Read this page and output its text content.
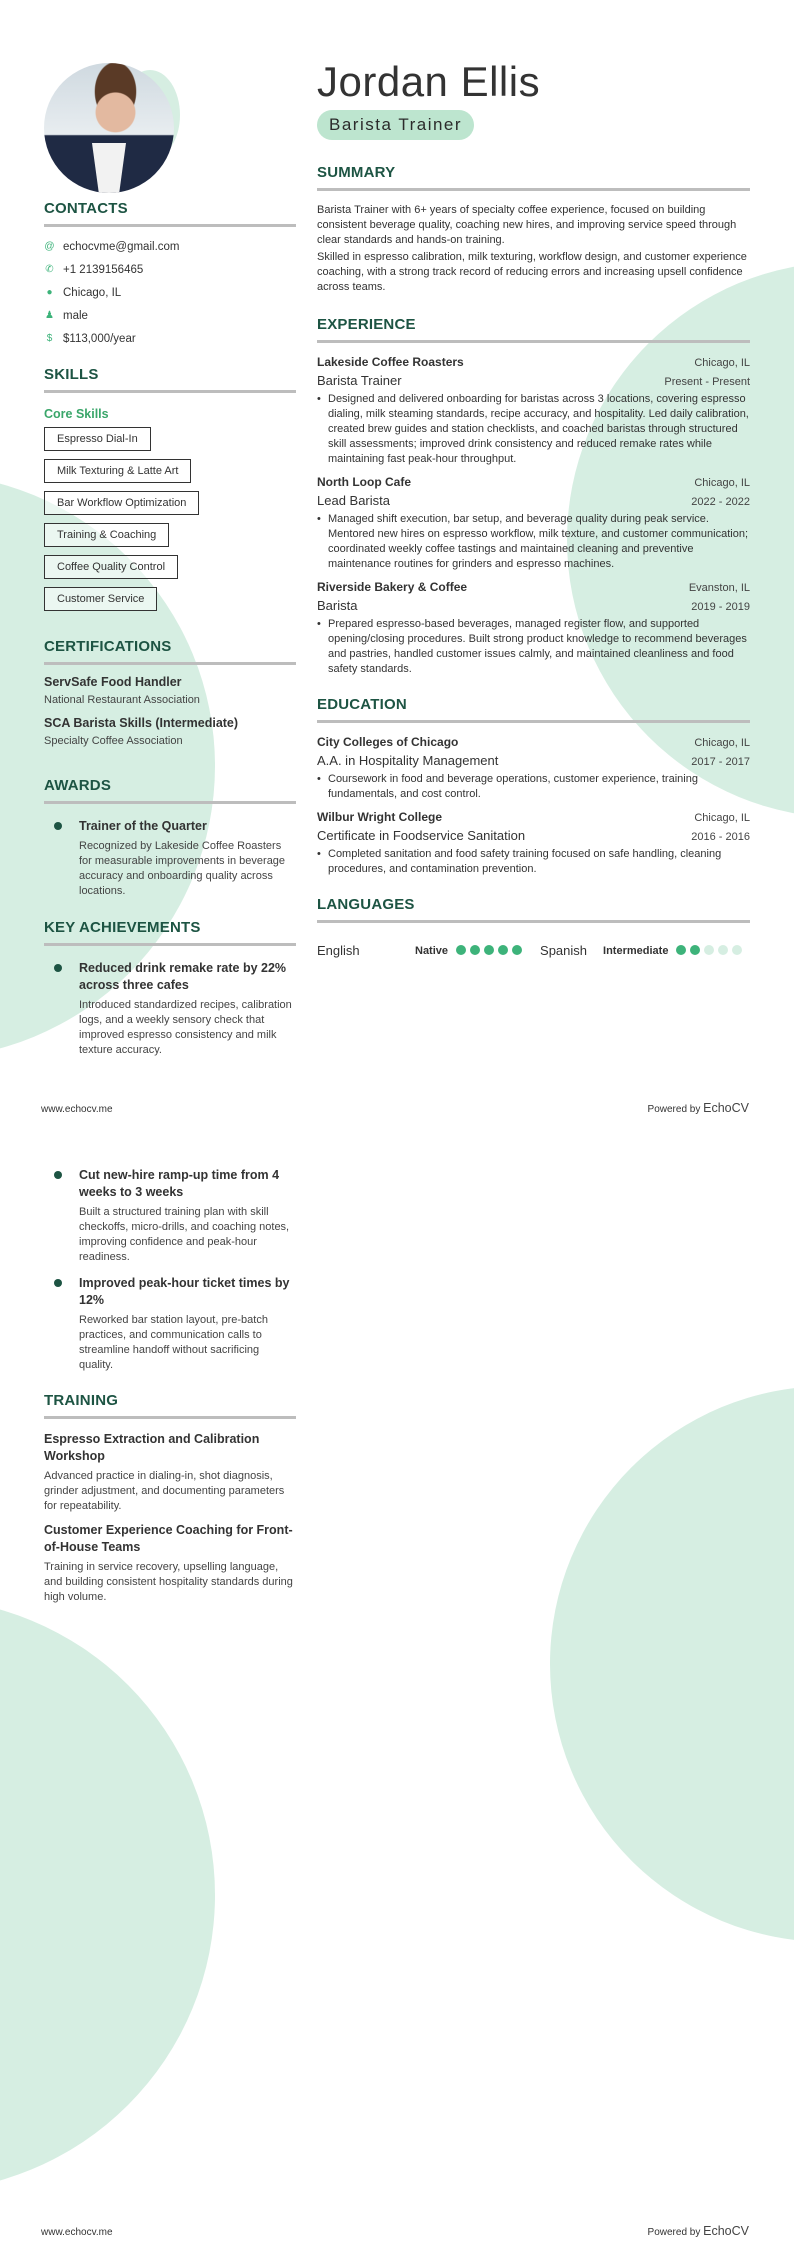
Jordan Ellis
Barista Trainer
CONTACTS
@ echocvme@gmail.com
✆ +1 2139156465
● Chicago, IL
♟ male
$ $113,000/year
SKILLS
Core Skills
Espresso Dial-In
Milk Texturing & Latte Art
Bar Workflow Optimization
Training & Coaching
Coffee Quality Control
Customer Service
CERTIFICATIONS
ServSafe Food Handler
National Restaurant Association
SCA Barista Skills (Intermediate)
Specialty Coffee Association
AWARDS
Trainer of the Quarter
Recognized by Lakeside Coffee Roasters for measurable improvements in beverage accuracy and onboarding quality across locations.
KEY ACHIEVEMENTS
Reduced drink remake rate by 22% across three cafes
Introduced standardized recipes, calibration logs, and a weekly sensory check that improved espresso consistency and milk texture accuracy.
SUMMARY

Barista Trainer with 6+ years of specialty coffee experience, focused on building consistent beverage quality, coaching new hires, and improving service speed through clear standards and hands-on training.

Skilled in espresso calibration, milk texturing, workflow design, and customer experience coaching, with a strong track record of reducing errors and increasing upsell confidence across teams.

EXPERIENCE
Lakeside Coffee Roasters	Chicago, IL
Barista Trainer	Present - Present
• Designed and delivered onboarding for baristas across 3 locations, covering espresso dialing, milk steaming standards, recipe accuracy, and hospitality. Led daily calibration, created brew guides and station checklists, and coached baristas through structured skill assessments; improved drink consistency and reduced remake rates while maintaining fast peak-hour throughput.
North Loop Cafe	Chicago, IL
Lead Barista	2022 - 2022
• Managed shift execution, bar setup, and beverage quality during peak service. Mentored new hires on espresso workflow, milk texture, and customer communication; coordinated weekly coffee tastings and maintained cleaning and preventive maintenance routines for grinders and espresso machines.
Riverside Bakery & Coffee	Evanston, IL
Barista	2019 - 2019
• Prepared espresso-based beverages, managed register flow, and supported opening/closing procedures. Built strong product knowledge to recommend beverages and pastries, handled customer issues calmly, and maintained cleanliness and food safety standards.
EDUCATION
City Colleges of Chicago	Chicago, IL
A.A. in Hospitality Management	2017 - 2017
• Coursework in food and beverage operations, customer experience, training fundamentals, and cost control.
Wilbur Wright College	Chicago, IL
Certificate in Foodservice Sanitation	2016 - 2016
• Completed sanitation and food safety training focused on safe handling, cleaning procedures, and contamination prevention.
LANGUAGES
English	Native	Spanish	Intermediate
www.echocv.me	Powered by EchoCV
Cut new-hire ramp-up time from 4 weeks to 3 weeks
Built a structured training plan with skill checkoffs, micro-drills, and coaching notes, improving confidence and peak-hour readiness.
Improved peak-hour ticket times by 12%
Reworked bar station layout, pre-batch practices, and communication calls to streamline handoff without sacrificing quality.
TRAINING
Espresso Extraction and Calibration Workshop
Advanced practice in dialing-in, shot diagnosis, grinder adjustment, and documenting parameters for repeatability.
Customer Experience Coaching for Front-of-House Teams
Training in service recovery, upselling language, and building consistent hospitality standards during high volume.
www.echocv.me	Powered by EchoCV
